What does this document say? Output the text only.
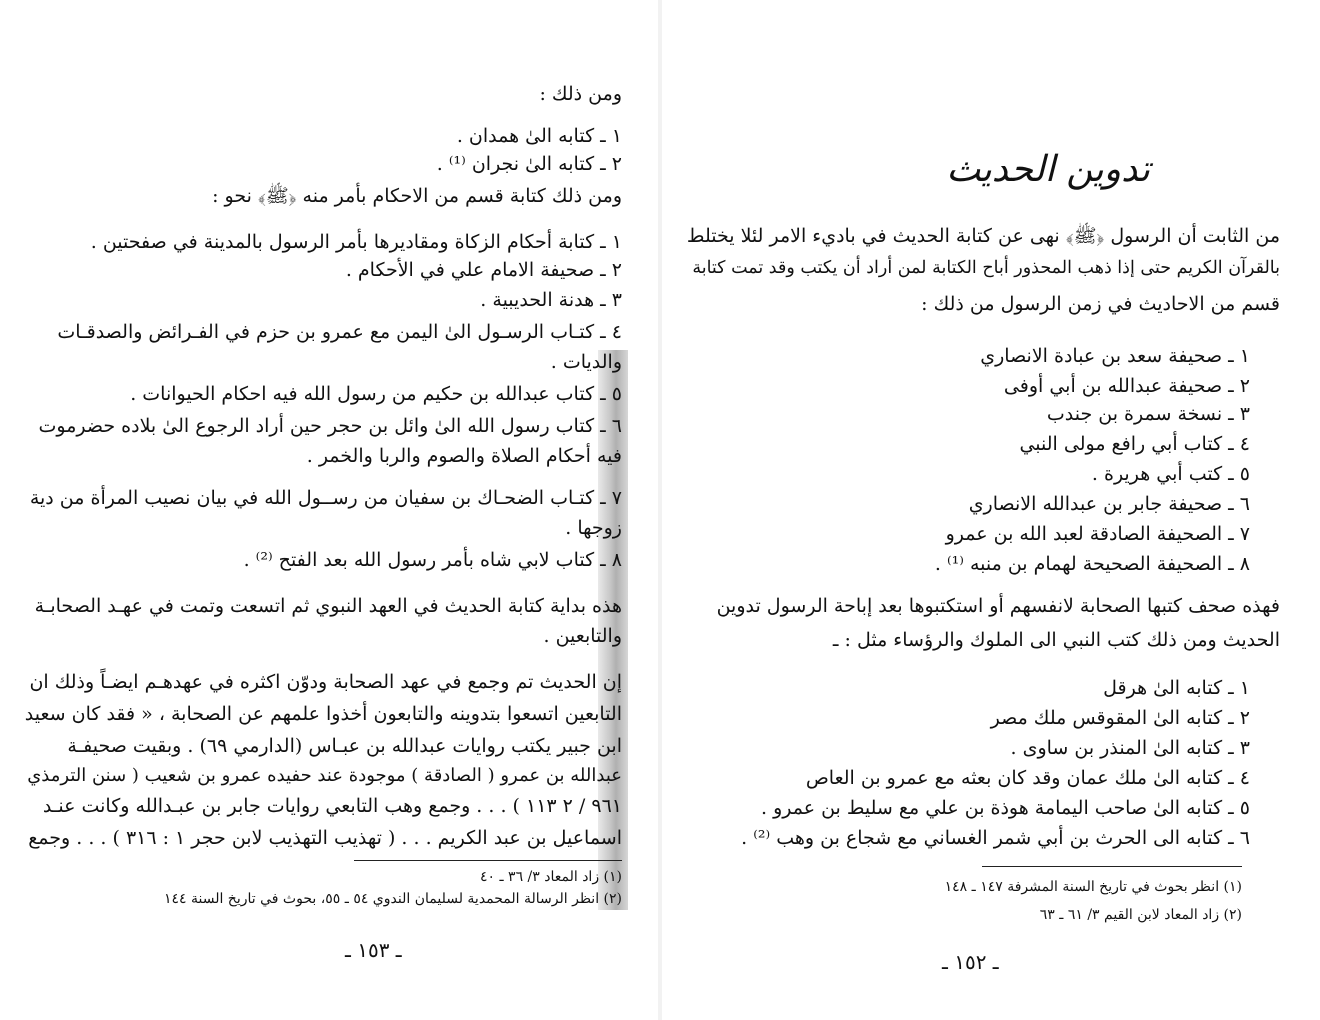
ومن ذلك :
١ ـ كتابه الىٰ همدان .
٢ ـ كتابه الىٰ نجران ⁽¹⁾ .
ومن ذلك كتابة قسم من الاحكام بأمر منه ﴿ﷺ﴾ نحو :
١ ـ كتابة أحكام الزكاة ومقاديرها بأمر الرسول بالمدينة في صفحتين .
٢ ـ صحيفة الامام علي في الأحكام .
٣ ـ هدنة الحديبية .
٤ ـ كتـاب الرسـول الىٰ اليمن مع عمرو بن حزم في الفـرائض والصدقـات
والديات .
٥ ـ كتاب عبدالله بن حكيم من رسول الله فيه احكام الحيوانات .
٦ ـ كتاب رسول الله الىٰ وائل بن حجر حين أراد الرجوع الىٰ بلاده حضرموت
فيه أحكام الصلاة والصوم والربا والخمر .
٧ ـ كتـاب الضحـاك بن سفيان من رســول الله في بيان نصيب المرأة من دية
زوجها .
٨ ـ كتاب لابي شاه بأمر رسول الله بعد الفتح ⁽²⁾ .
هذه بداية كتابة الحديث في العهد النبوي ثم اتسعت وتمت في عهـد الصحابـة
والتابعين .
إن الحديث تم وجمع في عهد الصحابة ودوّن اكثره في عهدهـم ايضـاً وذلك ان
التابعين اتسعوا بتدوينه والتابعون أخذوا علمهم عن الصحابة ، « فقد كان سعيد
ابن جبير يكتب روايات عبدالله بن عبـاس (الدارمي ٦٩) . وبقيت صحيفـة
عبدالله بن عمرو ( الصادقة ) موجودة عند حفيده عمرو بن شعيب ( سنن الترمذي
٩٦١ / ٢ ١١٣ ) . . . وجمع وهب التابعي روايات جابر بن عبـدالله وكانت عنـد
اسماعيل بن عبد الكريم . . . ( تهذيب التهذيب لابن حجر ١ : ٣١٦ ) . . . وجمع
(١) زاد المعاد ٣/ ٣٦ ـ ٤٠
(٢) انظر الرسالة المحمدية لسليمان الندوي ٥٤ ـ ٥٥، بحوث في تاريخ السنة ١٤٤
ـ ١٥٣ ـ
تدوين الحديث
من الثابت أن الرسول ﴿ﷺ﴾ نهى عن كتابة الحديث في باديء الامر لئلا يختلط
بالقرآن الكريم حتى إذا ذهب المحذور أباح الكتابة لمن أراد أن يكتب وقد تمت كتابة
قسم من الاحاديث في زمن الرسول من ذلك :
١ ـ صحيفة سعد بن عبادة الانصاري
٢ ـ صحيفة عبدالله بن أبي أوفى
٣ ـ نسخة سمرة بن جندب
٤ ـ كتاب أبي رافع مولى النبي
٥ ـ كتب أبي هريرة .
٦ ـ صحيفة جابر بن عبدالله الانصاري
٧ ـ الصحيفة الصادقة لعبد الله بن عمرو
٨ ـ الصحيفة الصحيحة لهمام بن منبه ⁽¹⁾ .
فهذه صحف كتبها الصحابة لانفسهم أو استكتبوها بعد إباحة الرسول تدوين
الحديث ومن ذلك كتب النبي الى الملوك والرؤساء مثل : ـ
١ ـ كتابه الىٰ هرقل
٢ ـ كتابه الىٰ المقوقس ملك مصر
٣ ـ كتابه الىٰ المنذر بن ساوى .
٤ ـ كتابه الىٰ ملك عمان وقد كان بعثه مع عمرو بن العاص
٥ ـ كتابه الىٰ صاحب اليمامة هوذة بن علي مع سليط بن عمرو .
٦ ـ كتابه الى الحرث بن أبي شمر الغساني مع شجاع بن وهب ⁽²⁾ .
(١) انظر بحوث في تاريخ السنة المشرفة ١٤٧ ـ ١٤٨
(٢) زاد المعاد لابن القيم ٣/ ٦١ ـ ٦٣
ـ ١٥٢ ـ
